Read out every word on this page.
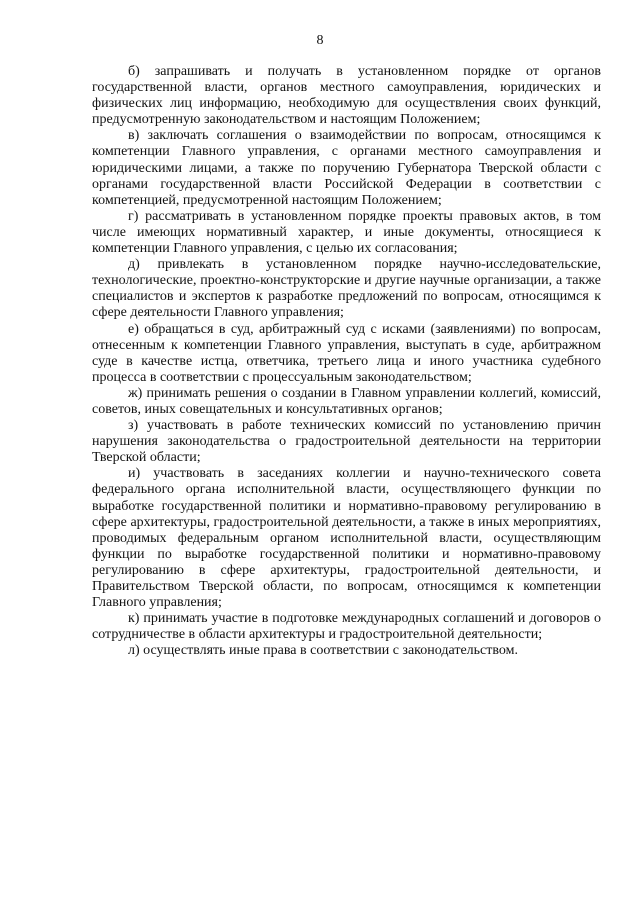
8

б) запрашивать и получать в установленном порядке от органов государственной власти, органов местного самоуправления, юридических и физических лиц информацию, необходимую для осуществления своих функций, предусмотренную законодательством и настоящим Положением;

в) заключать соглашения о взаимодействии по вопросам, относящимся к компетенции Главного управления, с органами местного самоуправления и юридическими лицами, а также по поручению Губернатора Тверской области с органами государственной власти Российской Федерации в соответствии с компетенцией, предусмотренной настоящим Положением;

г) рассматривать в установленном порядке проекты правовых актов, в том числе имеющих нормативный характер, и иные документы, относящиеся к компетенции Главного управления, с целью их согласования;

д) привлекать в установленном порядке научно-исследовательские, технологические, проектно-конструкторские и другие научные организации, а также специалистов и экспертов к разработке предложений по вопросам, относящимся к сфере деятельности Главного управления;

е) обращаться в суд, арбитражный суд с исками (заявлениями) по вопросам, отнесенным к компетенции Главного управления, выступать в суде, арбитражном суде в качестве истца, ответчика, третьего лица и иного участника судебного процесса в соответствии с процессуальным законодательством;

ж) принимать решения о создании в Главном управлении коллегий, комиссий, советов, иных совещательных и консультативных органов;

з) участвовать в работе технических комиссий по установлению причин нарушения законодательства о градостроительной деятельности на территории Тверской области;

и) участвовать в заседаниях коллегии и научно-технического совета федерального органа исполнительной власти, осуществляющего функции по выработке государственной политики и нормативно-правовому регулированию в сфере архитектуры, градостроительной деятельности, а также в иных мероприятиях, проводимых федеральным органом исполнительной власти, осуществляющим функции по выработке государственной политики и нормативно-правовому регулированию в сфере архитектуры, градостроительной деятельности, и Правительством Тверской области, по вопросам, относящимся к компетенции Главного управления;

к) принимать участие в подготовке международных соглашений и договоров о сотрудничестве в области архитектуры и градостроительной деятельности;

л) осуществлять иные права в соответствии с законодательством.
